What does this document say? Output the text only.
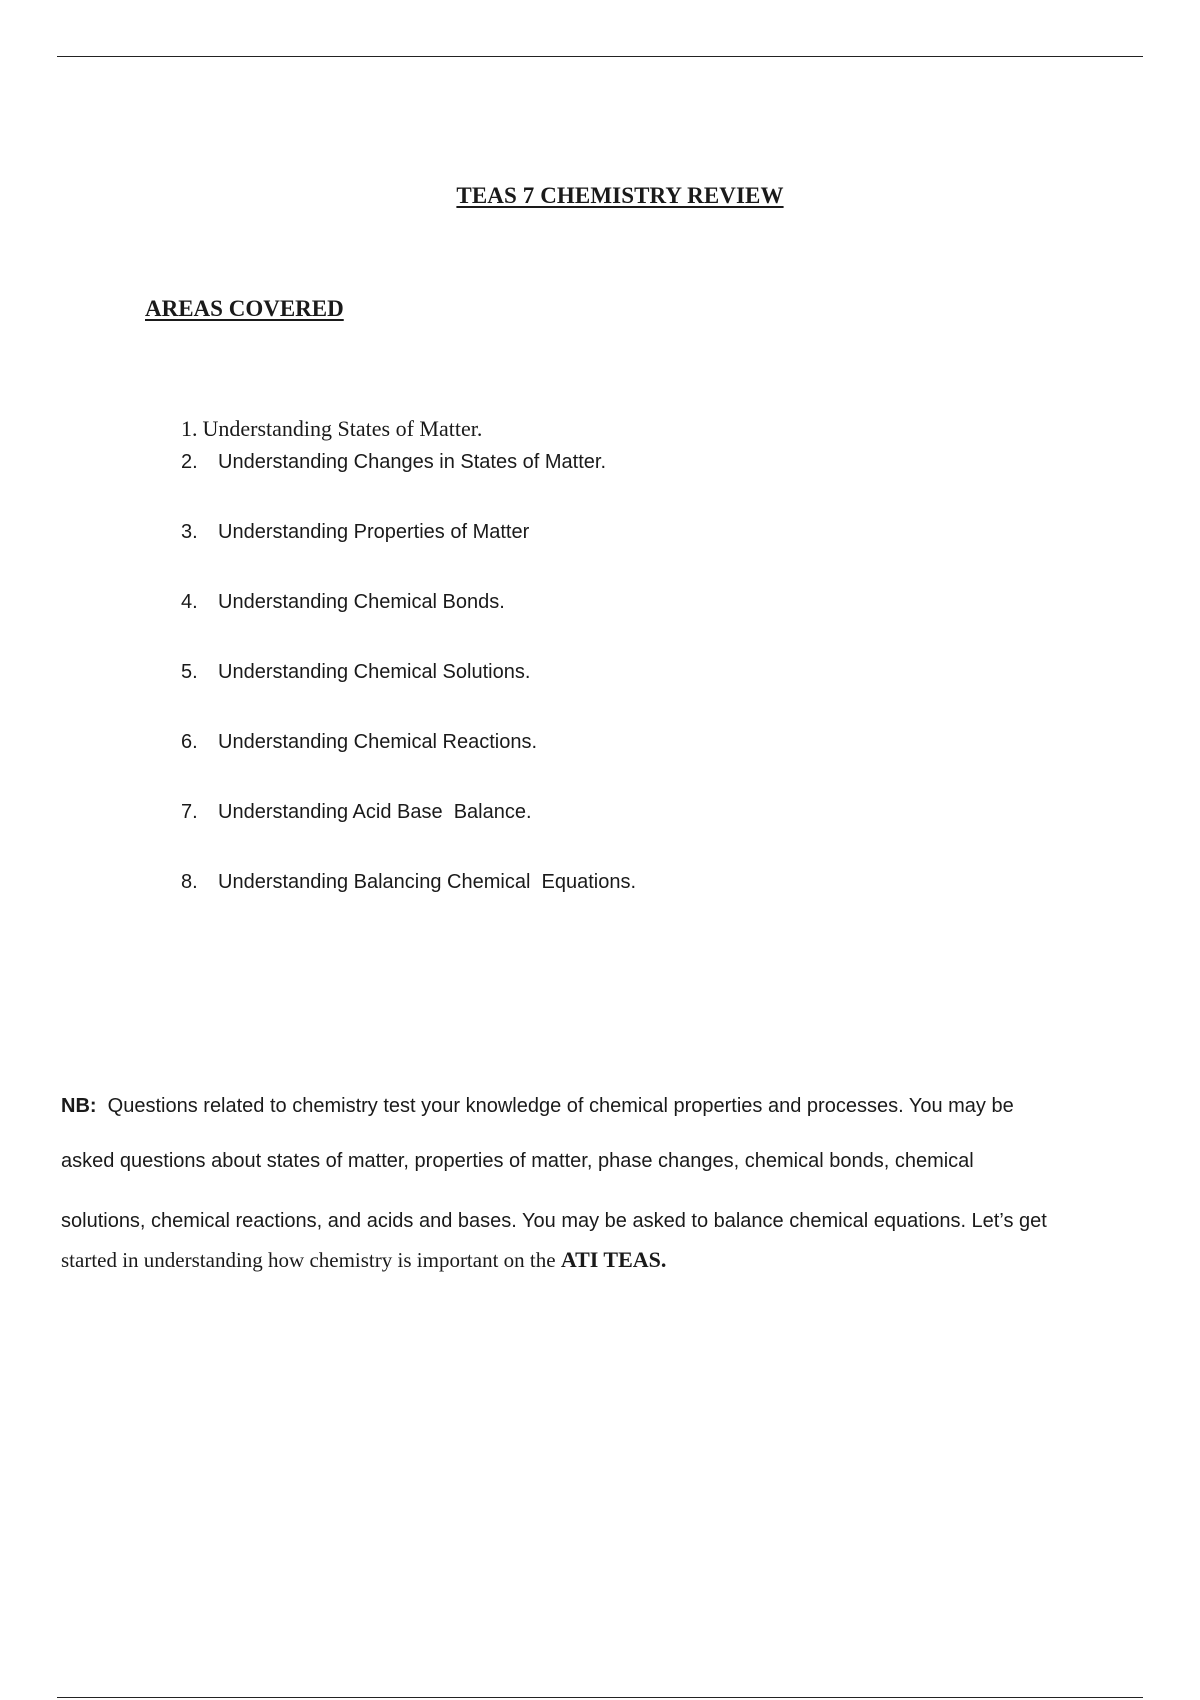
TEAS 7 CHEMISTRY REVIEW
AREAS COVERED
1. Understanding States of Matter.
2. Understanding Changes in States of Matter.
3. Understanding Properties of Matter
4. Understanding Chemical Bonds.
5. Understanding Chemical Solutions.
6. Understanding Chemical Reactions.
7. Understanding Acid Base  Balance.
8. Understanding Balancing Chemical  Equations.
NB: Questions related to chemistry test your knowledge of chemical properties and processes. You may be
asked questions about states of matter, properties of matter, phase changes, chemical bonds, chemical
solutions, chemical reactions, and acids and bases. You may be asked to balance chemical equations. Let’s get
started in understanding how chemistry is important on the ATI TEAS.
